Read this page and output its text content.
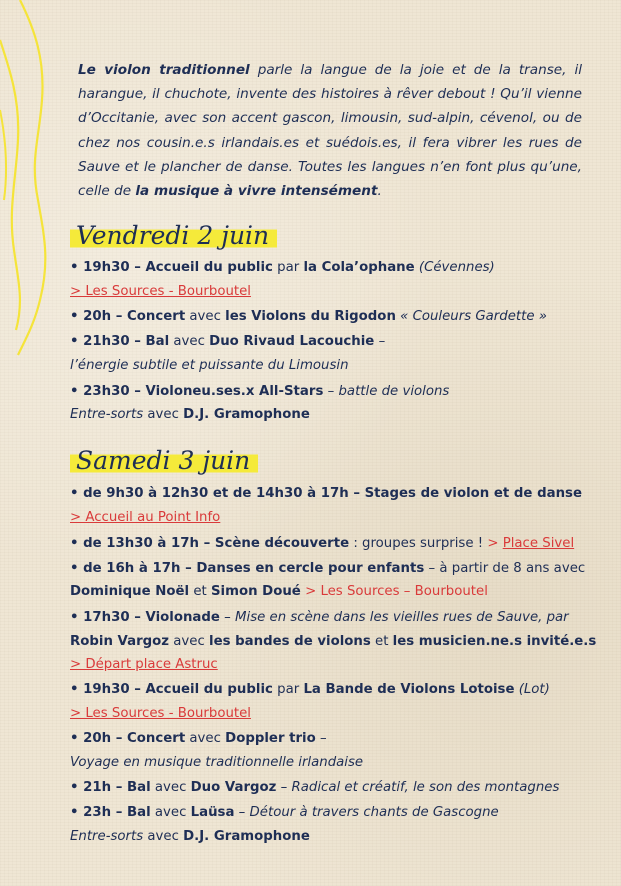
Le violon traditionnel parle la langue de la joie et de la transe, il harangue, il chuchote, invente des histoires à rêver debout ! Qu’il vienne d’Occitanie, avec son accent gascon, limousin, sud-alpin, cévenol, ou de chez nos cousin.e.s irlandais.es et suédois.es, il fera vibrer les rues de Sauve et le plancher de danse. Toutes les langues n’en font plus qu’une, celle de la musique à vivre intensément.
Vendredi 2 juin
• 19h30 – Accueil du public par la Cola’ophane (Cévennes)
> Les Sources - Bourboutel
• 20h – Concert avec les Violons du Rigodon « Couleurs Gardette »
• 21h30 – Bal avec Duo Rivaud Lacouchie –
l’énergie subtile et puissante du Limousin
• 23h30 – Violoneu.ses.x All-Stars – battle de violons
Entre-sorts avec D.J. Gramophone
Samedi 3 juin
• de 9h30 à 12h30 et de 14h30 à 17h – Stages de violon et de danse
> Accueil au Point Info
• de 13h30 à 17h – Scène découverte : groupes surprise ! > Place Sivel
• de 16h à 17h – Danses en cercle pour enfants – à partir de 8 ans avec
Dominique Noël et Simon Doué > Les Sources – Bourboutel
• 17h30 – Violonade – Mise en scène dans les vieilles rues de Sauve, par
Robin Vargoz avec les bandes de violons et les musicien.ne.s invité.e.s
> Départ place Astruc
• 19h30 – Accueil du public par La Bande de Violons Lotoise (Lot)
> Les Sources - Bourboutel
• 20h – Concert avec Doppler trio –
Voyage en musique traditionnelle irlandaise
• 21h – Bal avec Duo Vargoz – Radical et créatif, le son des montagnes
• 23h – Bal avec Laüsa – Détour à travers chants de Gascogne
Entre-sorts avec D.J. Gramophone
